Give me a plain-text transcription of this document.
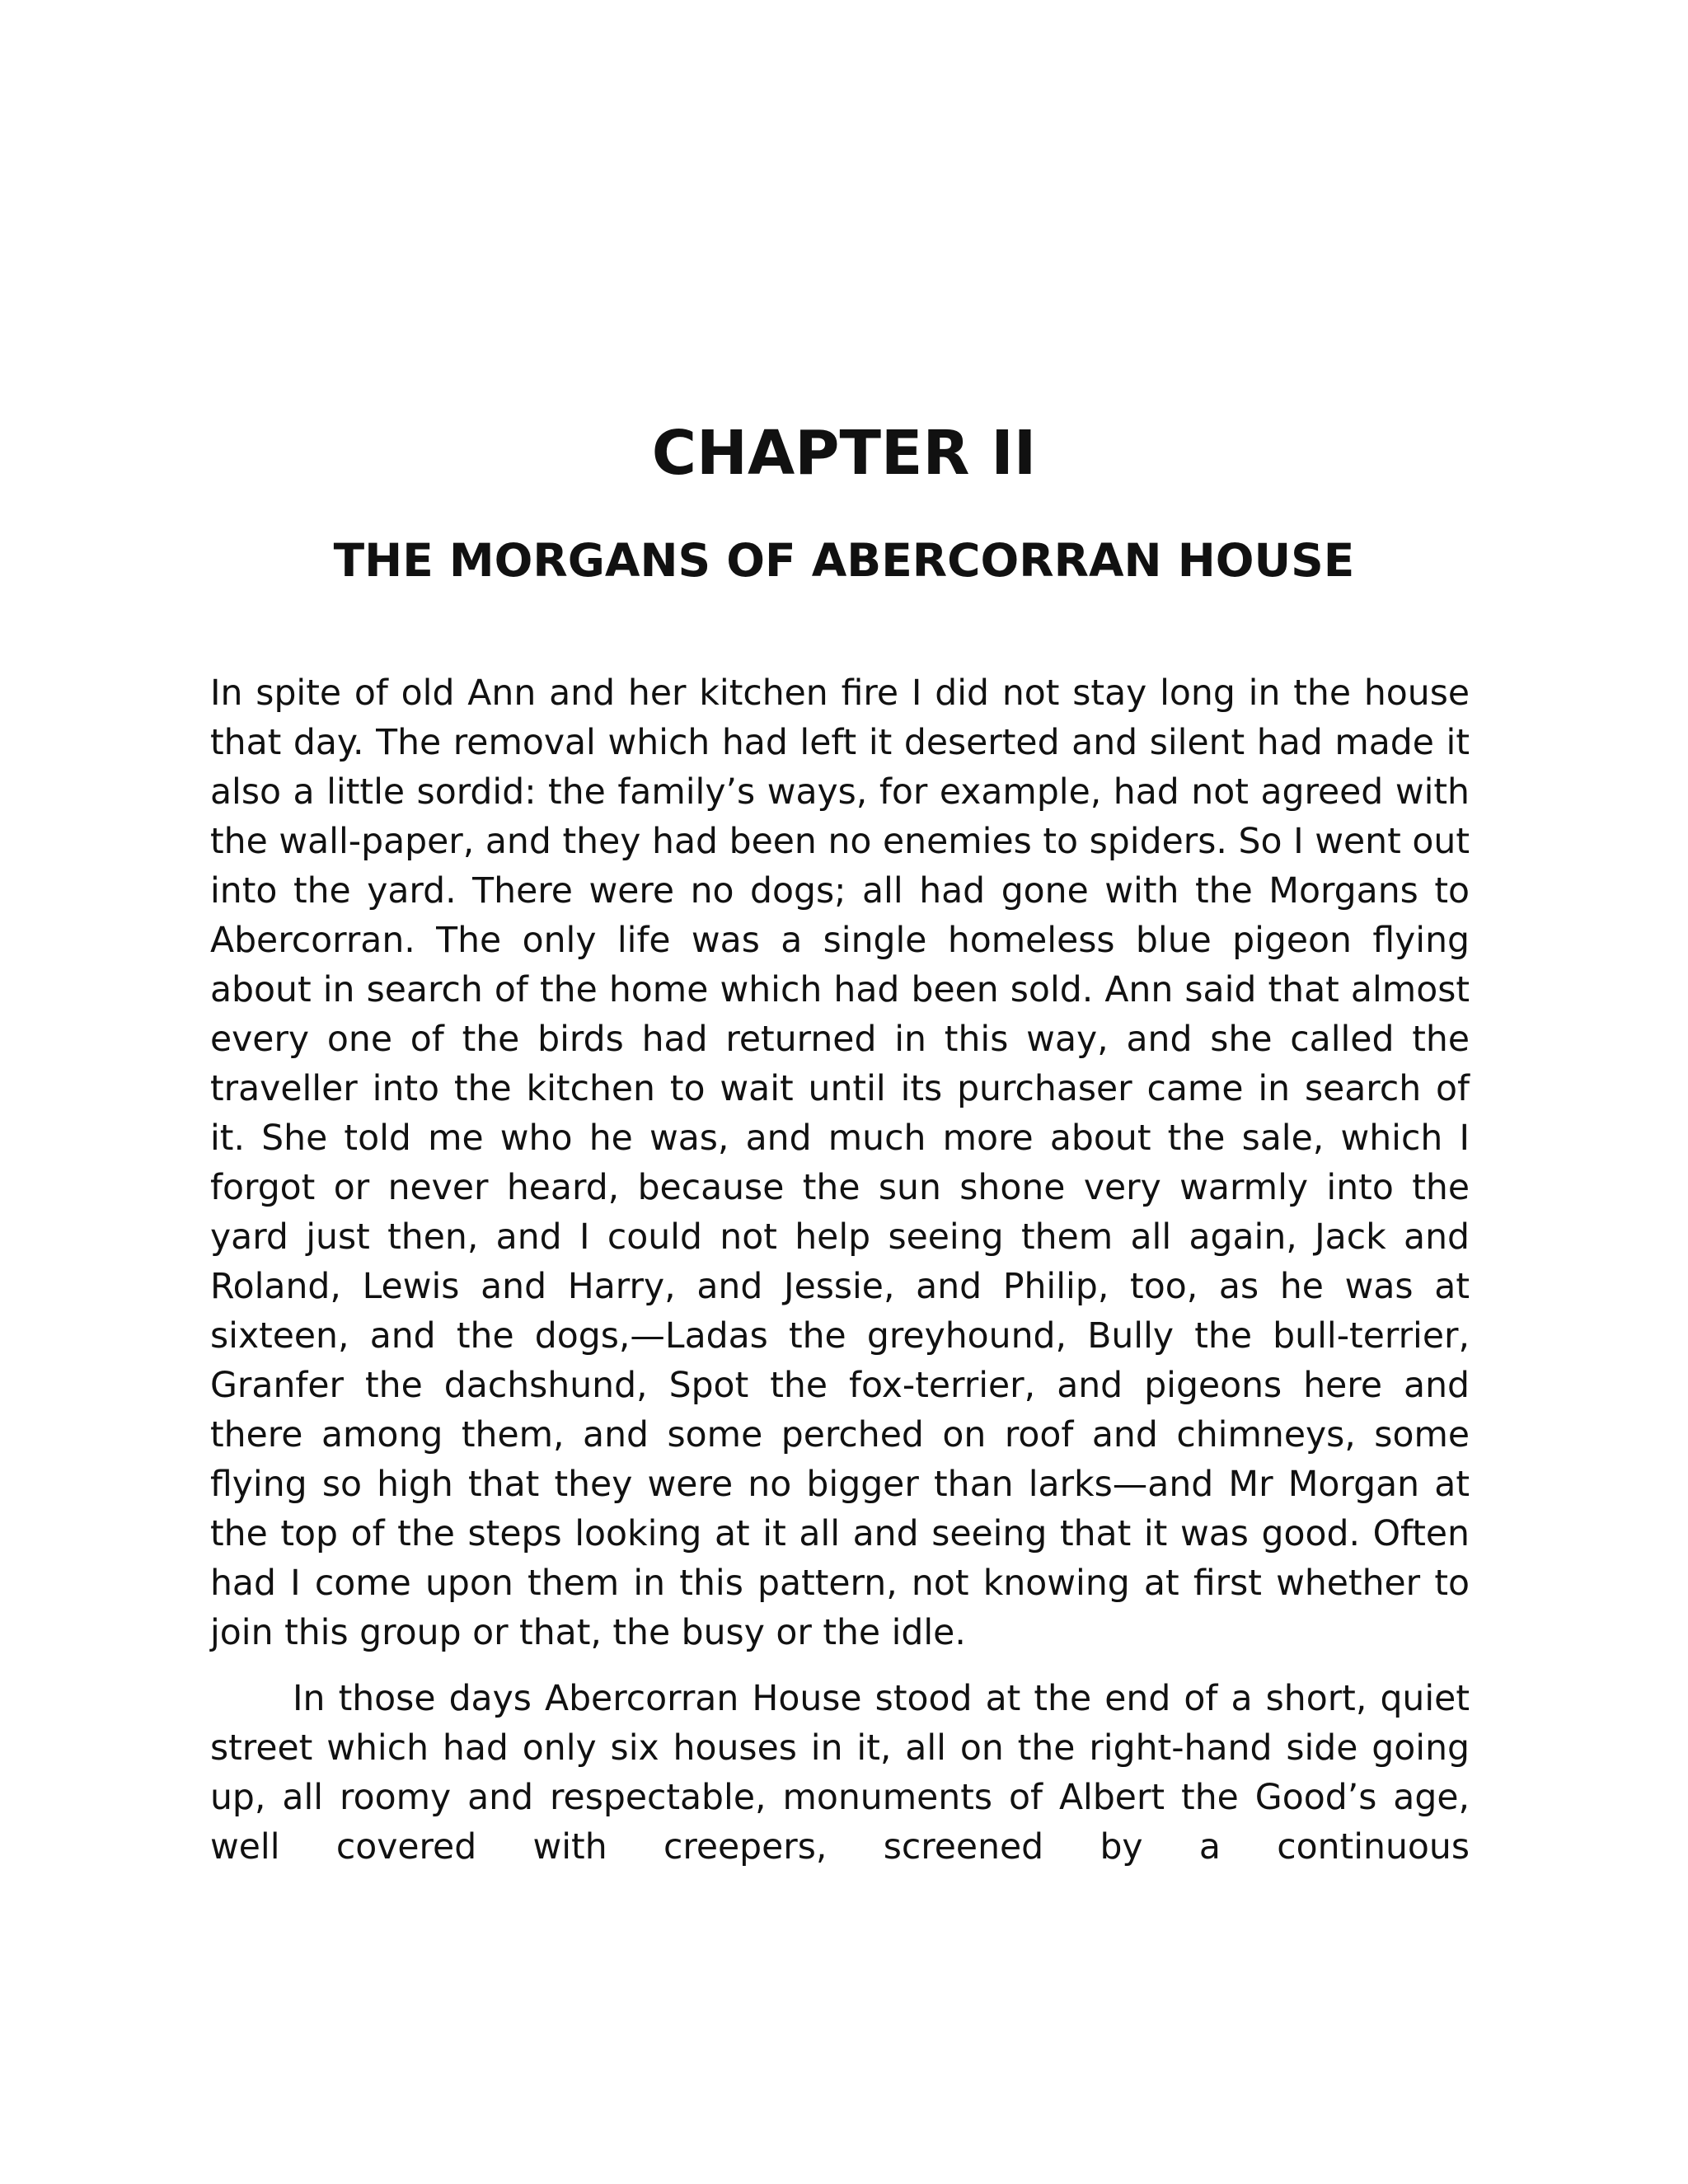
CHAPTER II
THE MORGANS OF ABERCORRAN HOUSE

In spite of old Ann and her kitchen fire I did not stay long in the house that day. The removal which had left it deserted and silent had made it also a little sordid: the family’s ways, for example, had not agreed with the wall-paper, and they had been no enemies to spiders. So I went out into the yard. There were no dogs; all had gone with the Morgans to Abercorran. The only life was a single homeless blue pigeon flying about in search of the home which had been sold. Ann said that almost every one of the birds had returned in this way, and she called the traveller into the kitchen to wait until its purchaser came in search of it. She told me who he was, and much more about the sale, which I forgot or never heard, because the sun shone very warmly into the yard just then, and I could not help seeing them all again, Jack and Roland, Lewis and Harry, and Jessie, and Philip, too, as he was at sixteen, and the dogs,—Ladas the greyhound, Bully the bull-terrier, Granfer the dachshund, Spot the fox-terrier, and pigeons here and there among them, and some perched on roof and chimneys, some flying so high that they were no bigger than larks—and Mr Morgan at the top of the steps looking at it all and seeing that it was good. Often had I come upon them in this pattern, not knowing at first whether to join this group or that, the busy or the idle.

In those days Abercorran House stood at the end of a short, quiet street which had only six houses in it, all on the right-hand side going up, all roomy and respectable, monuments of Albert the Good’s age, well covered with creepers, screened by a continuous
